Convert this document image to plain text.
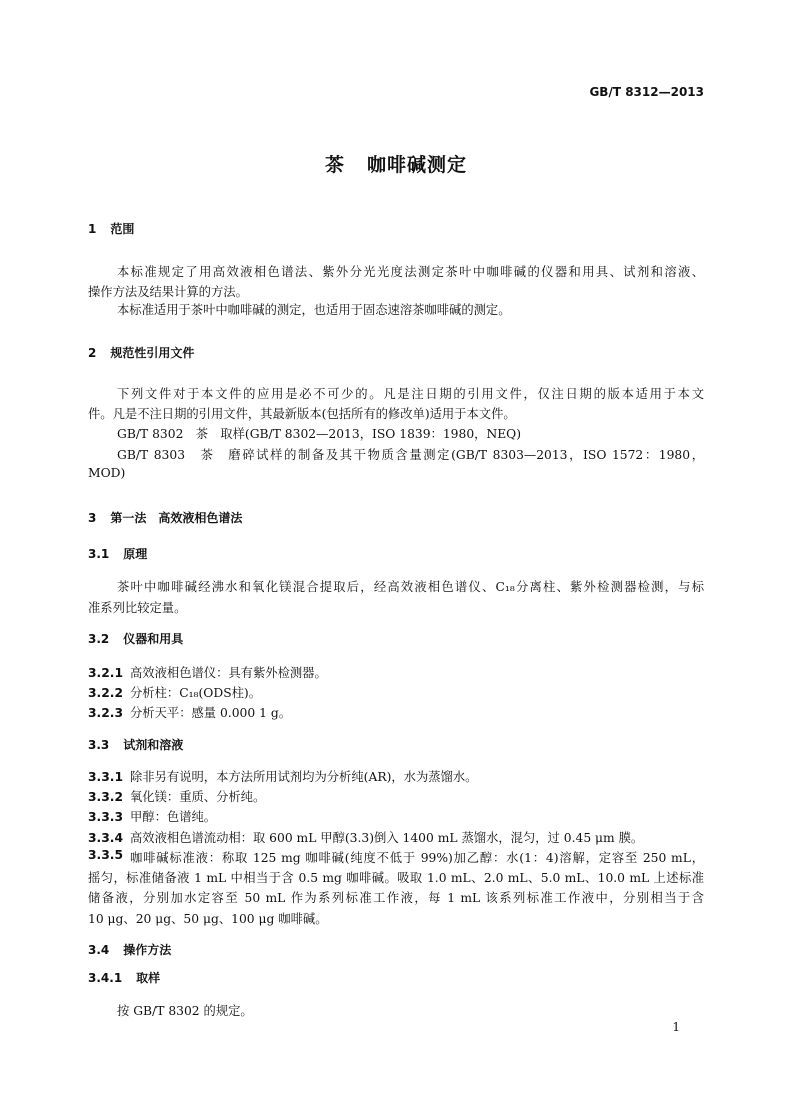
GB/T 8312—2013
茶 咖啡碱测定
1 范围
本标准规定了用高效液相色谱法、紫外分光光度法测定茶叶中咖啡碱的仪器和用具、试剂和溶液、
操作方法及结果计算的方法。
本标准适用于茶叶中咖啡碱的测定，也适用于固态速溶茶咖啡碱的测定。
2 规范性引用文件
下列文件对于本文件的应用是必不可少的。凡是注日期的引用文件，仅注日期的版本适用于本文
件。凡是不注日期的引用文件，其最新版本(包括所有的修改单)适用于本文件。
GB/T 8302　茶　取样(GB/T 8302—2013，ISO 1839：1980，NEQ)
GB/T 8303　茶　磨碎试样的制备及其干物质含量测定(GB/T 8303—2013，ISO 1572：1980，
MOD)
3 第一法　高效液相色谱法
3.1 原理
茶叶中咖啡碱经沸水和氧化镁混合提取后，经高效液相色谱仪、C₁₈分离柱、紫外检测器检测，与标
准系列比较定量。
3.2 仪器和用具
3.2.1 高效液相色谱仪：具有紫外检测器。
3.2.2 分析柱：C₁₈(ODS柱)。
3.2.3 分析天平：感量 0.000 1 g。
3.3 试剂和溶液
3.3.1 除非另有说明，本方法所用试剂均为分析纯(AR)，水为蒸馏水。
3.3.2 氧化镁：重质、分析纯。
3.3.3 甲醇：色谱纯。
3.3.4 高效液相色谱流动相：取 600 mL 甲醇(3.3)倒入 1400 mL 蒸馏水，混匀，过 0.45 μm 膜。
3.3.5 咖啡碱标准液：称取 125 mg 咖啡碱(纯度不低于 99%)加乙醇：水(1：4)溶解，定容至 250 mL，
摇匀，标准储备液 1 mL 中相当于含 0.5 mg 咖啡碱。吸取 1.0 mL、2.0 mL、5.0 mL、10.0 mL 上述标准
储备液，分别加水定容至 50 mL 作为系列标准工作液，每 1 mL 该系列标准工作液中，分别相当于含
10 μg、20 μg、50 μg、100 μg 咖啡碱。
3.4 操作方法
3.4.1 取样
按 GB/T 8302 的规定。
1
